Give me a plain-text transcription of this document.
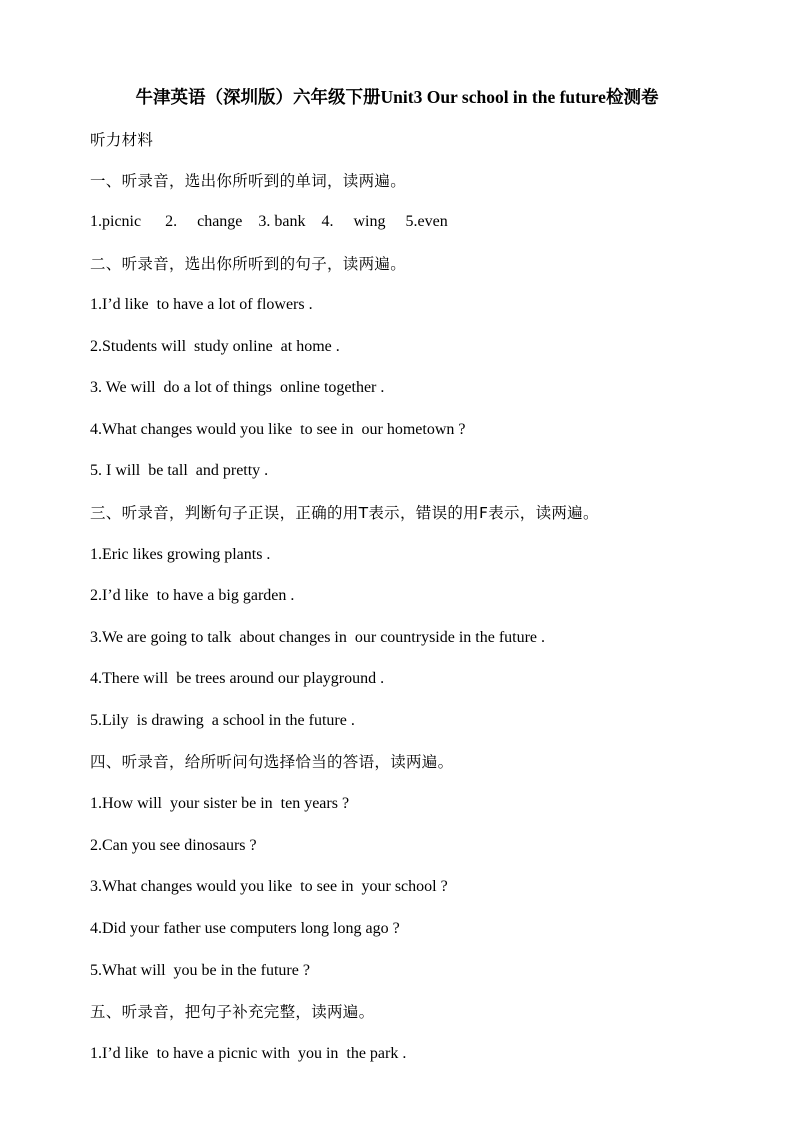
牛津英语（深圳版）六年级下册Unit3 Our school in the future检测卷
听力材料
一、听录音，选出你所听到的单词，读两遍。
1.picnic      2.     change    3. bank    4.     wing     5.even
二、听录音，选出你所听到的句子，读两遍。
1.I’d like  to have a lot of flowers .
2.Students will  study online  at home .
3. We will  do a lot of things  online together .
4.What changes would you like  to see in  our hometown ?
5. I will  be tall  and pretty .
三、听录音，判断句子正误，正确的用T表示，错误的用F表示，读两遍。
1.Eric likes growing plants .
2.I’d like  to have a big garden .
3.We are going to talk  about changes in  our countryside in the future .
4.There will  be trees around our playground .
5.Lily  is drawing  a school in the future .
四、听录音，给所听问句选择恰当的答语，读两遍。
1.How will  your sister be in  ten years ?
2.Can you see dinosaurs ?
3.What changes would you like  to see in  your school ?
4.Did your father use computers long long ago ?
5.What will  you be in the future ?
五、听录音，把句子补充完整，读两遍。
1.I’d like  to have a picnic with  you in  the park .
